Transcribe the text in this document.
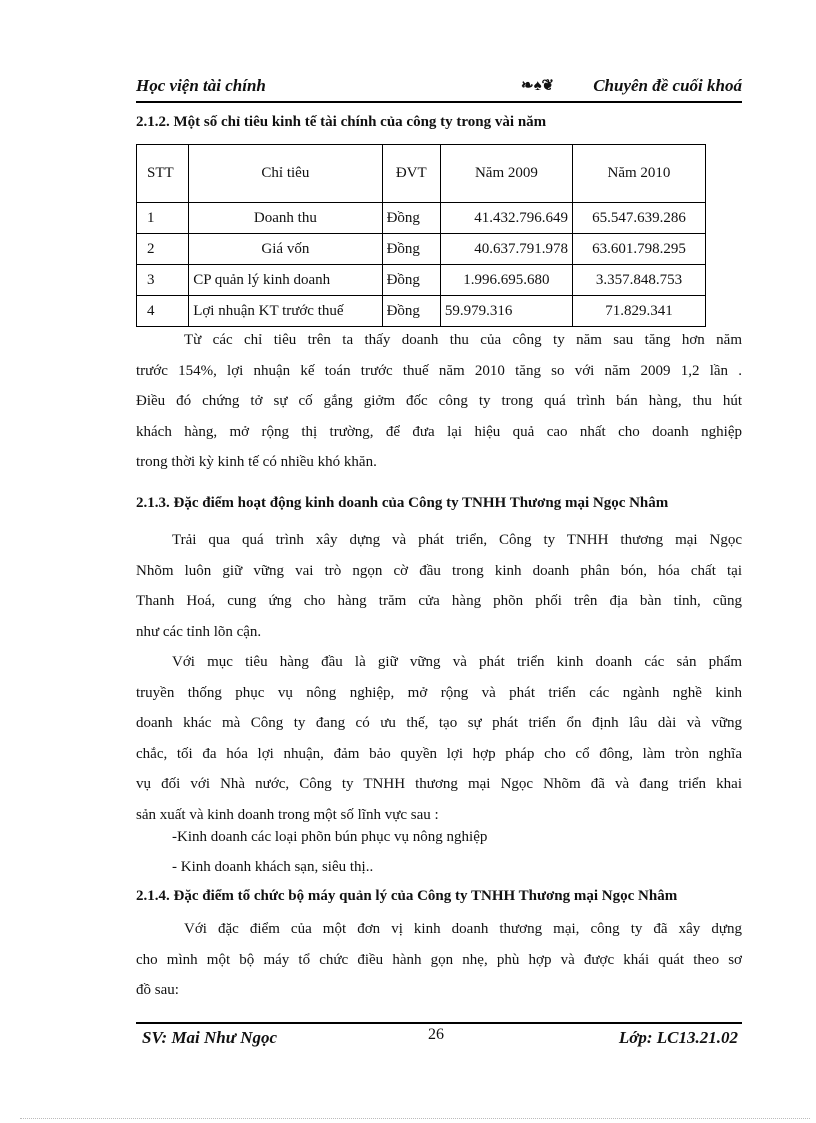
Học viện tài chính	❧♠❦ Chuyên đề cuối khoá
2.1.2. Một số chỉ tiêu kinh tế tài chính của công ty trong vài năm
STT	Chỉ tiêu	ĐVT	Năm 2009	Năm 2010
1	Doanh thu	Đồng	41.432.796.649	65.547.639.286
2	Giá vốn	Đồng	40.637.791.978	63.601.798.295
3	CP quản lý kinh doanh	Đồng	1.996.695.680	3.357.848.753
4	Lợi nhuận KT trước thuế	Đồng	59.979.316	71.829.341
Từ các chỉ tiêu trên ta thấy doanh thu của công ty năm sau tăng hơn năm
trước 154%, lợi nhuận kế toán trước thuế năm 2010 tăng so với năm 2009 1,2 lần .
Điều đó chứng tở sự cố gắng giởm đốc công ty trong quá trình bán hàng, thu hút
khách hàng, mở rộng thị trường, để đưa lại hiệu quả cao nhất cho doanh nghiệp
trong thời kỳ kinh tế có nhiều khó khăn.
2.1.3. Đặc điểm hoạt động kinh doanh của Công ty TNHH Thương mại Ngọc Nhâm
Trải qua quá trình xây dựng và phát triển, Công ty TNHH thương mại Ngọc
Nhõm luôn giữ vững vai trò ngọn cờ đầu trong kinh doanh phân bón, hóa chất tại
Thanh Hoá, cung ứng cho hàng trăm cửa hàng phõn phối trên địa bàn tỉnh, cũng
như các tỉnh lõn cận.
Với mục tiêu hàng đầu là giữ vững và phát triển kinh doanh các sản phẩm
truyền thống phục vụ nông nghiệp, mở rộng và phát triển các ngành nghề kinh
doanh khác mà Công ty đang có ưu thế, tạo sự phát triển ổn định lâu dài và vững
chắc, tối đa hóa lợi nhuận, đảm bảo quyền lợi hợp pháp cho cổ đông, làm tròn nghĩa
vụ đối với Nhà nước, Công ty TNHH thương mại Ngọc Nhõm đã và đang triển khai
sản xuất và kinh doanh trong một số lĩnh vực sau :
-Kinh doanh các loại phõn bún phục vụ nông nghiệp
- Kinh doanh khách sạn, siêu thị..
2.1.4. Đặc điểm tổ chức bộ máy quản lý của Công ty TNHH Thương mại Ngọc Nhâm
Với đặc điểm của một đơn vị kinh doanh thương mại, công ty đã xây dựng
cho mình một bộ máy tổ chức điều hành gọn nhẹ, phù hợp và được khái quát theo sơ
đồ sau:
SV: Mai Như Ngọc	26	Lớp: LC13.21.02
